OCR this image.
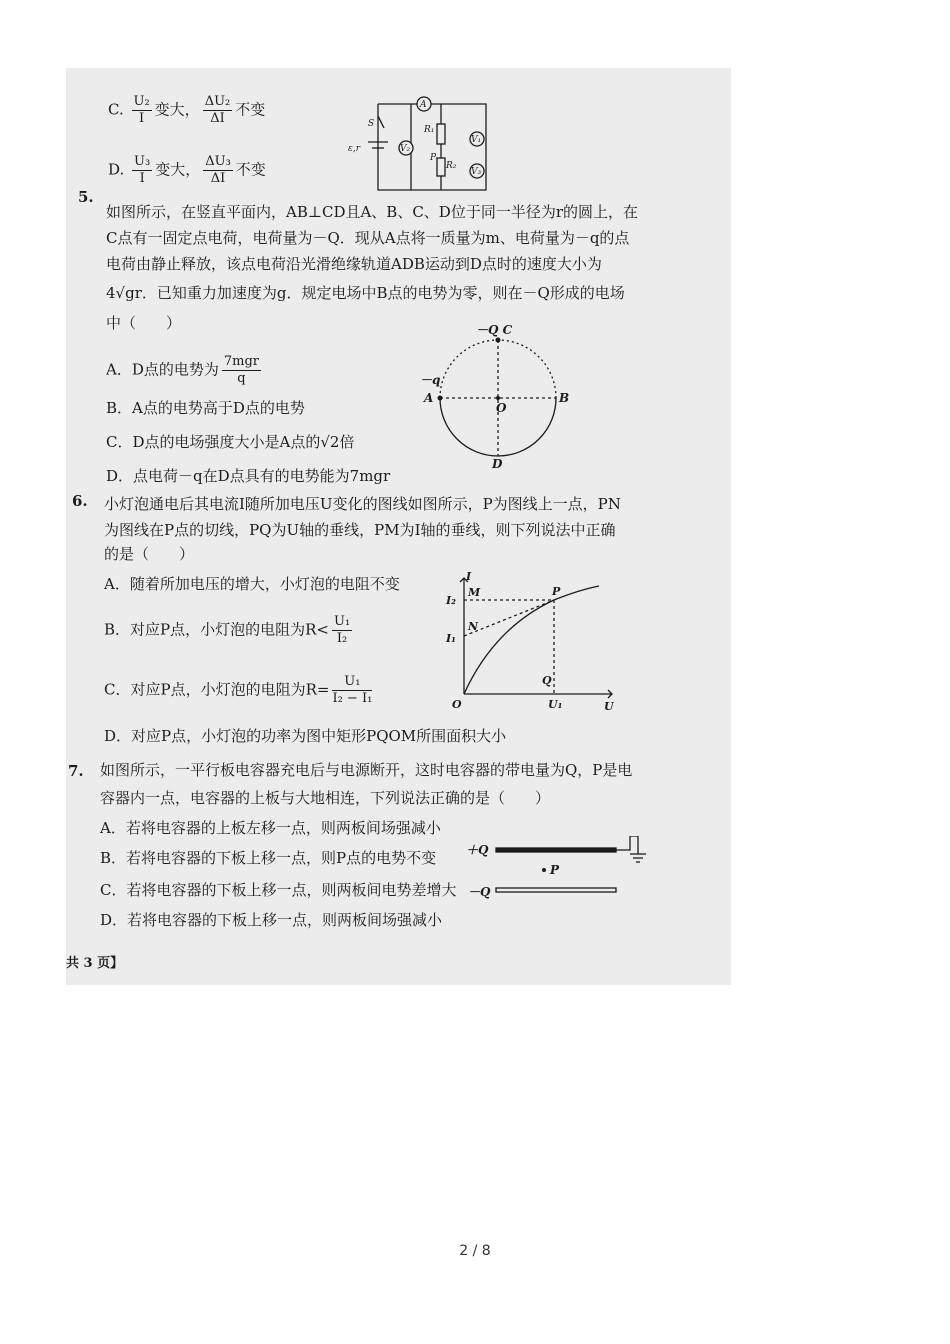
C. $\frac{\text{U₂}}{I}$ 变大， $\frac{\text{ΔU₂}}{\Delta I}$ 不变
D. $\frac{\text{U₃}}{I}$ 变大， $\frac{\text{ΔU₃}}{\Delta I}$ 不变
A
V₁
V₂
V₃
S
R₁
R₂
P
ε,r
5.
如图所示，在竖直平面内，AB⊥CD且A、B、C、D位于同一半径为r的圆上，在
C点有一固定点电荷，电荷量为－Q．现从A点将一质量为m、电荷量为－q的点
电荷由静止释放，该点电荷沿光滑绝缘轨道ADB运动到D点时的速度大小为
4√gr．已知重力加速度为g．规定电场中B点的电势为零，则在－Q形成的电场
中（　　）
A．D点的电势为 $\frac{\text{7mgr}}{q}$
B．A点的电势高于D点的电势
C．D点的电场强度大小是A点的√2倍
D．点电荷－q在D点具有的电势能为7mgr
－Q C
－q
A
O
B
D
6. 小灯泡通电后其电流I随所加电压U变化的图线如图所示，P为图线上一点，PN
为图线在P点的切线，PQ为U轴的垂线，PM为I轴的垂线，则下列说法中正确
的是（　　）
A．随着所加电压的增大，小灯泡的电阻不变
B．对应P点，小灯泡的电阻为$R< \frac{\text{U₁}}{\text{I₂}}$
C．对应P点，小灯泡的电阻为$R= \frac{\text{U₁}}{\text{I₂ − I₁}}$
D．对应P点，小灯泡的功率为图中矩形PQOM所围面积大小
I
U
O
I₂
I₁
M
N
P
Q
U₁
7. 如图所示，一平行板电容器充电后与电源断开，这时电容器的带电量为Q，P是电
容器内一点，电容器的上板与大地相连，下列说法正确的是（　　）
A．若将电容器的上板左移一点，则两板间场强减小
B．若将电容器的下板上移一点，则P点的电势不变
C．若将电容器的下板上移一点，则两板间电势差增大
D．若将电容器的下板上移一点，则两板间场强减小
＋Q
－Q
P
共 3 页】
2 / 8
